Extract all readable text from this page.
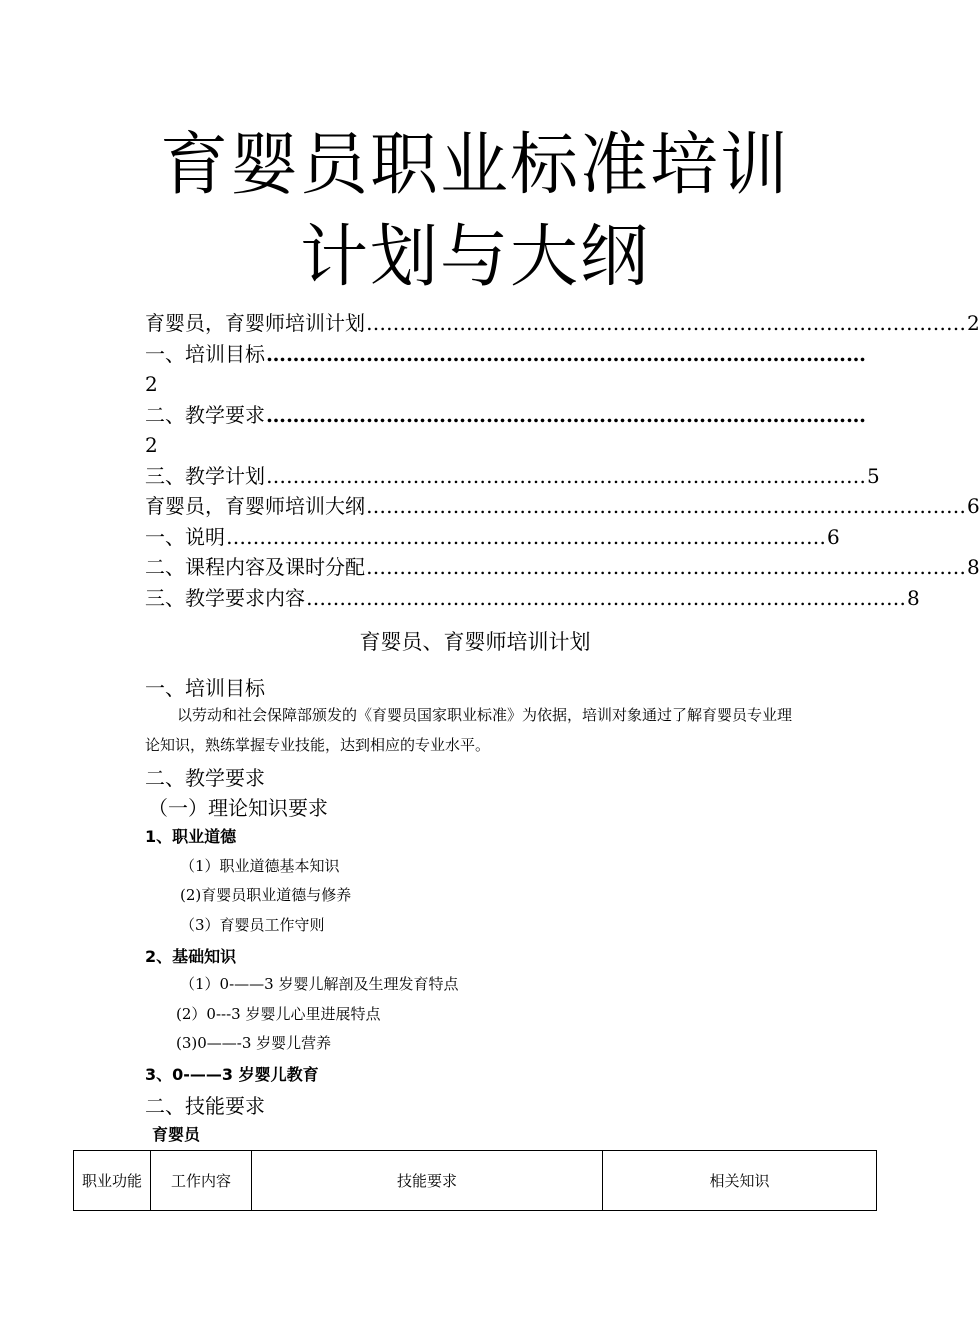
育婴员职业标准培训
计划与大纲
育婴员，育婴师培训计划 ……………………………………………………………………………… 2
一、培训目标 ………………………………………………………………………………
2
二、教学要求 ………………………………………………………………………………
2
三、教学计划 ……………………………………………………………………………… 5
育婴员，育婴师培训大纲 ……………………………………………………………………………… 6
一、说明 ……………………………………………………………………………… 6
二、课程内容及课时分配 ……………………………………………………………………………… 8
三、教学要求内容 ……………………………………………………………………………… 8
育婴员、育婴师培训计划
一、培训目标
以劳动和社会保障部颁发的《育婴员国家职业标准》为依据，培训对象通过了解育婴员专业理论知识，熟练掌握专业技能，达到相应的专业水平。
二、教学要求
（一）理论知识要求
1、职业道德
（1）职业道德基本知识
(2)育婴员职业道德与修养
（3）育婴员工作守则
2、基础知识
（1）0-——3 岁婴儿解剖及生理发育特点
(2）0---3 岁婴儿心里进展特点
(3)0——-3 岁婴儿营养
3、0-——3 岁婴儿教育
二、技能要求
育婴员
职业功能	工作内容	技能要求	相关知识
